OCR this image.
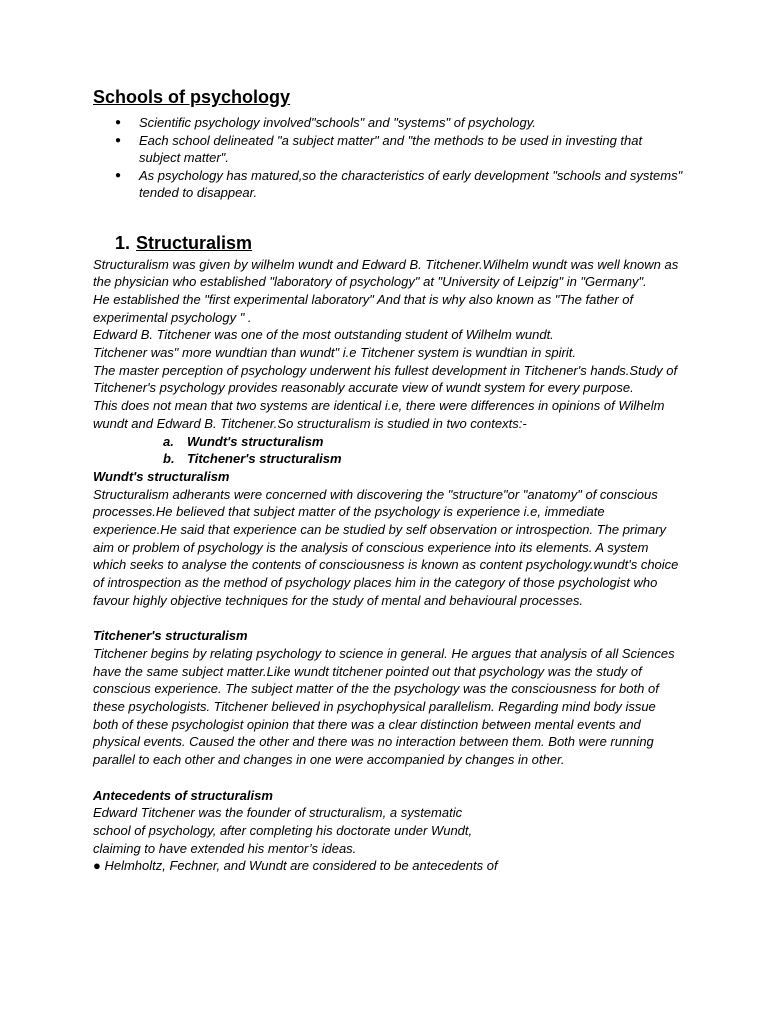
Schools of psychology
● Scientific psychology involved"schools" and "systems" of psychology.
● Each school delineated "a subject matter" and "the methods to be used in investing that subject matter".
● As psychology has matured,so the characteristics of early development "schools and systems" tended to disappear.
1. Structuralism

Structuralism was given by wilhelm wundt and Edward B. Titchener.Wilhelm wundt was well known as the physician who established "laboratory of psychology" at "University of Leipzig" in "Germany".

He established the "first experimental laboratory" And that is why also known as "The father of experimental psychology " .

Edward B. Titchener was one of the most outstanding student of Wilhelm wundt.

Titchener was" more wundtian than wundt" i.e Titchener system is wundtian in spirit.

The master perception of psychology underwent his fullest development in Titchener's hands.Study of Titchener's psychology provides reasonably accurate view of wundt system for every purpose.

This does not mean that two systems are identical i.e, there were differences in opinions of Wilhelm wundt and Edward B. Titchener.So structuralism is studied in two contexts:-

a. Wundt's structuralism
b. Titchener's structuralism

Wundt's structuralism

Structuralism adherants were concerned with discovering the "structure"or "anatomy" of conscious processes.He believed that subject matter of the psychology is experience i.e, immediate experience.He said that experience can be studied by self observation or introspection. The primary aim or problem of psychology is the analysis of conscious experience into its elements. A system which seeks to analyse the contents of consciousness is known as content psychology.wundt's choice of introspection as the method of psychology places him in the category of those psychologist who favour highly objective techniques for the study of mental and behavioural processes.

Titchener's structuralism

Titchener begins by relating psychology to science in general. He argues that analysis of all Sciences have the same subject matter.Like wundt titchener pointed out that psychology was the study of conscious experience. The subject matter of the the psychology was the consciousness for both of these psychologists. Titchener believed in psychophysical parallelism. Regarding mind body issue both of these psychologist opinion that there was a clear distinction between mental events and physical events. Caused the other and there was no interaction between them. Both were running parallel to each other and changes in one were accompanied by changes in other.

Antecedents of structuralism

Edward Titchener was the founder of structuralism, a systematic

school of psychology, after completing his doctorate under Wundt,

claiming to have extended his mentor’s ideas.

● Helmholtz, Fechner, and Wundt are considered to be antecedents of
